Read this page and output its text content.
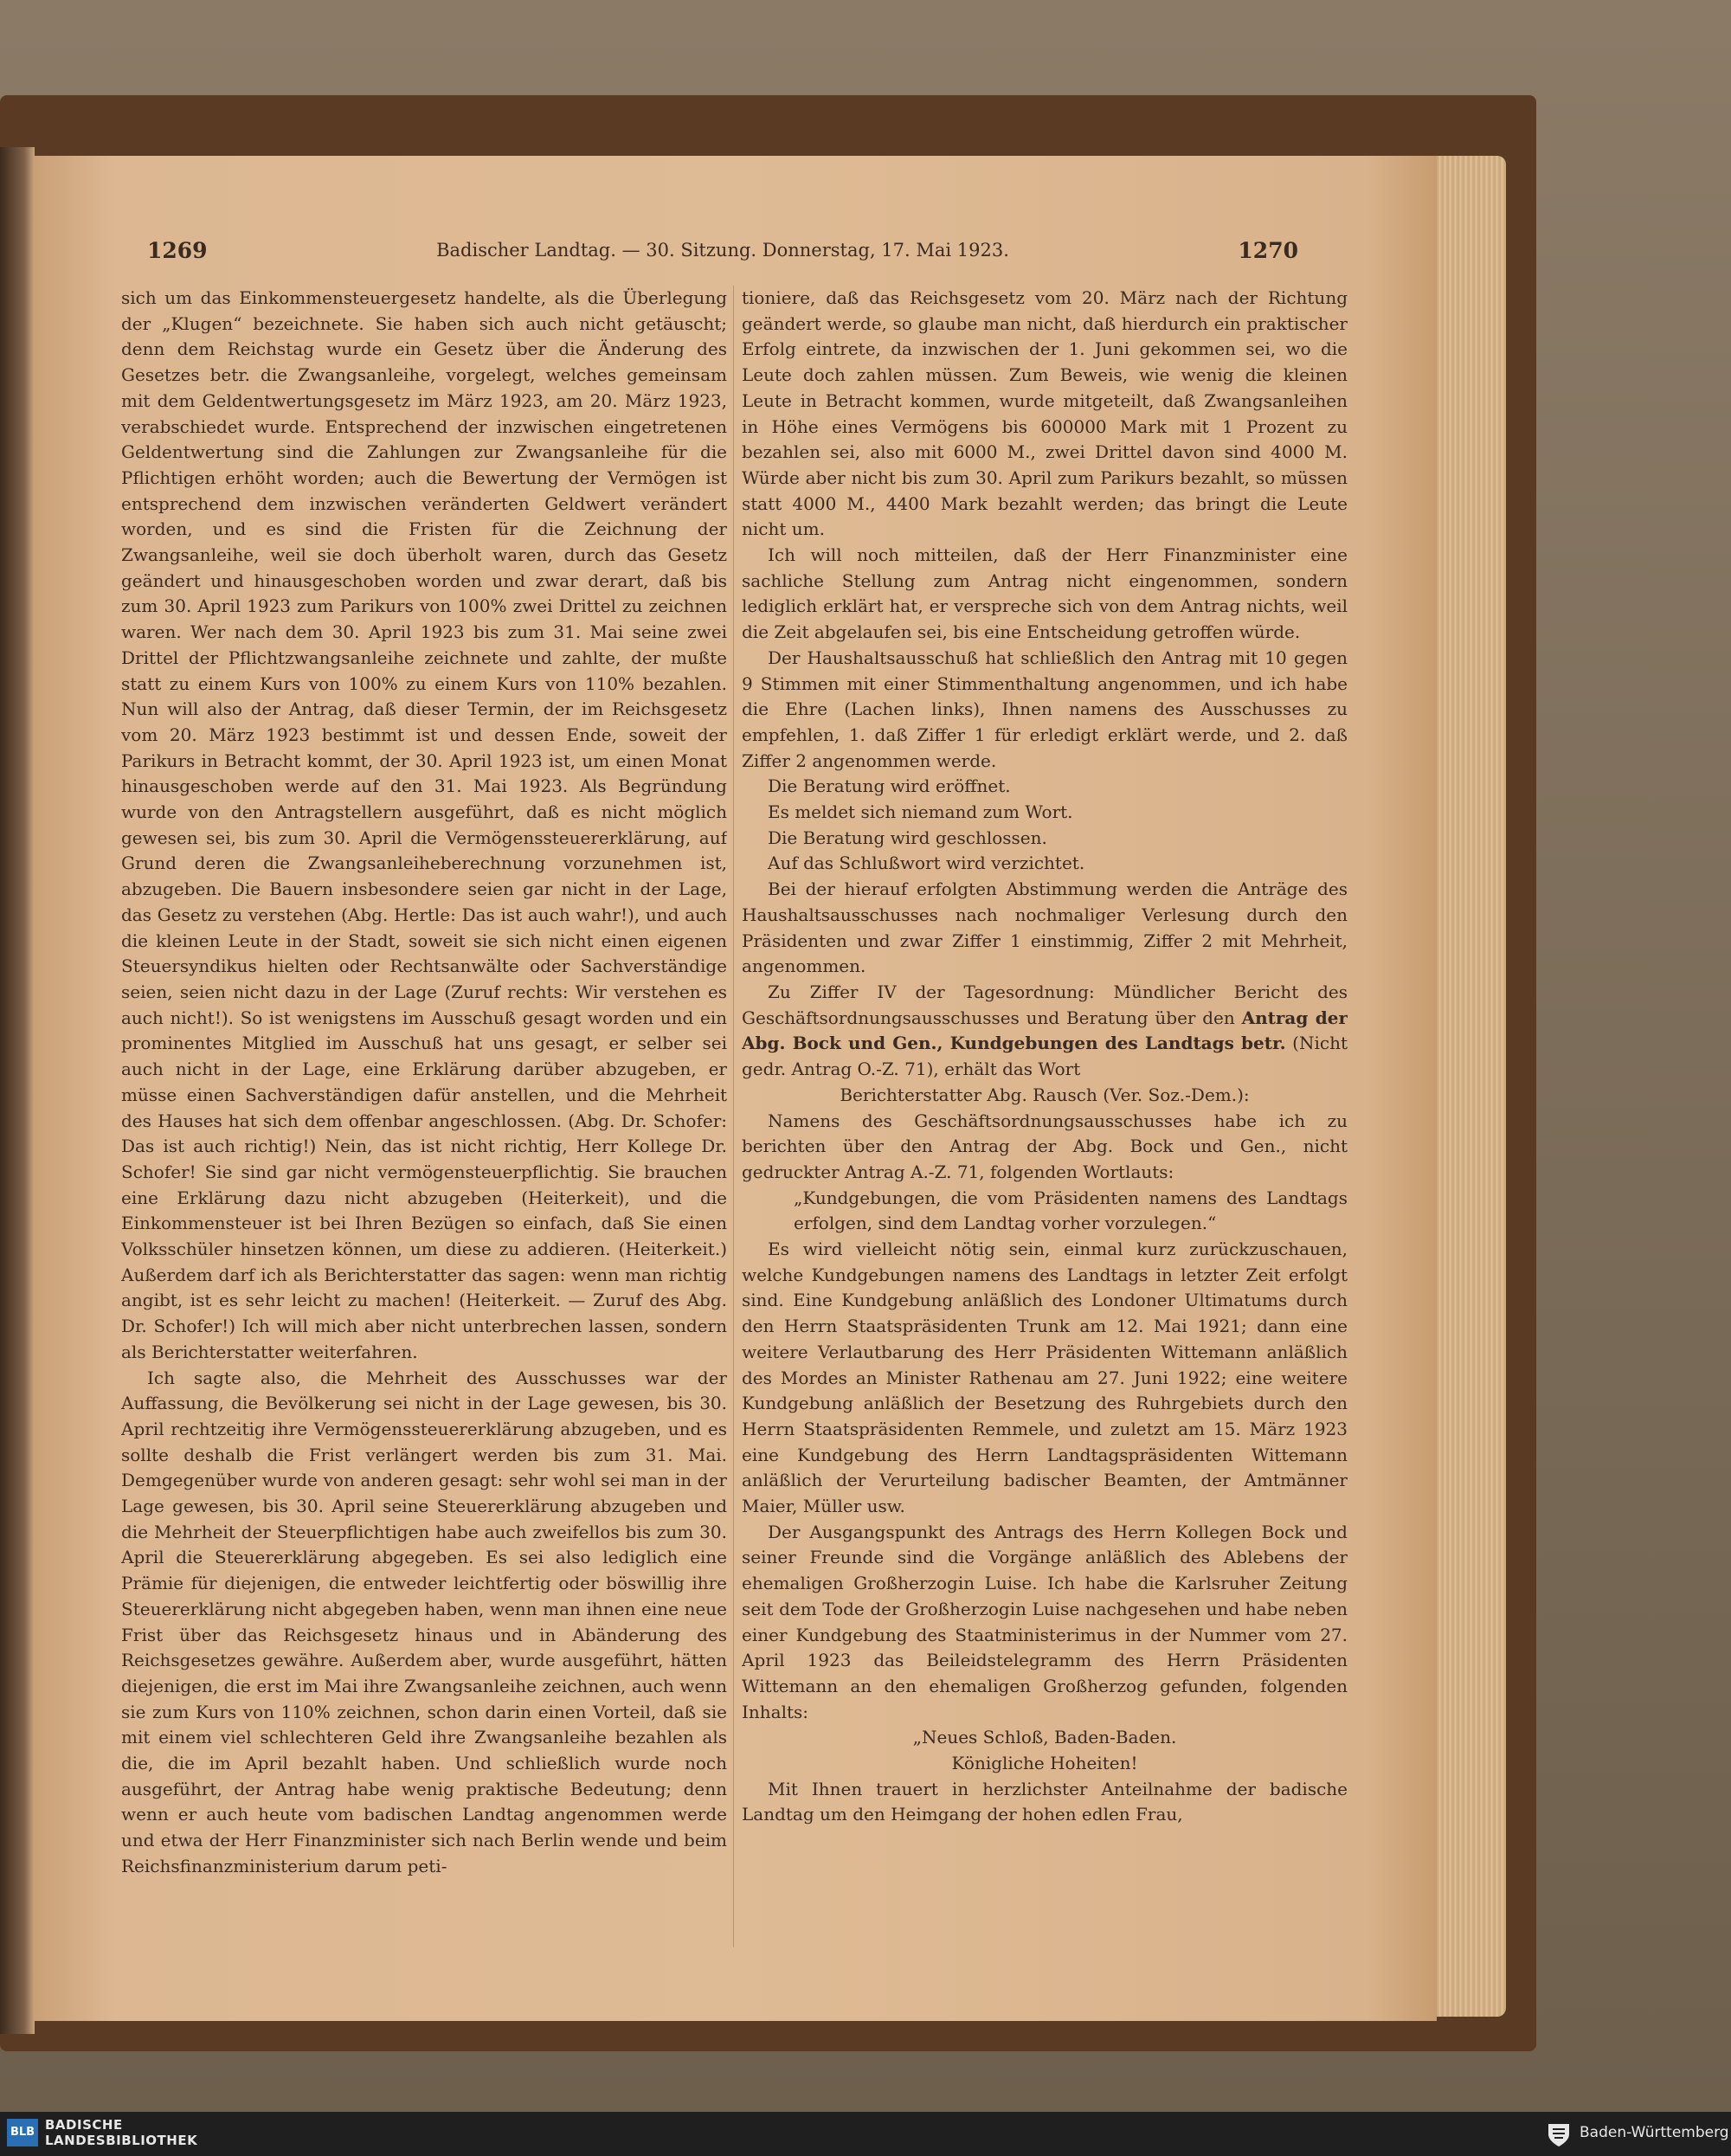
1269	Badischer Landtag. — 30. Sitzung. Donnerstag, 17. Mai 1923.	1270

sich um das Einkommensteuergesetz handelte, als die Überlegung der „Klugen“ bezeichnete. Sie haben sich auch nicht getäuscht; denn dem Reichstag wurde ein Gesetz über die Änderung des Gesetzes betr. die Zwangsanleihe, vorgelegt, welches gemeinsam mit dem Geldentwertungsgesetz im März 1923, am 20. März 1923, verabschiedet wurde. Entsprechend der inzwischen eingetretenen Geldentwertung sind die Zahlungen zur Zwangsanleihe für die Pflichtigen erhöht worden; auch die Bewertung der Vermögen ist entsprechend dem inzwischen veränderten Geldwert verändert worden, und es sind die Fristen für die Zeichnung der Zwangsanleihe, weil sie doch überholt waren, durch das Gesetz geändert und hinausgeschoben worden und zwar derart, daß bis zum 30. April 1923 zum Parikurs von 100% zwei Drittel zu zeichnen waren. Wer nach dem 30. April 1923 bis zum 31. Mai seine zwei Drittel der Pflichtzwangsanleihe zeichnete und zahlte, der mußte statt zu einem Kurs von 100% zu einem Kurs von 110% bezahlen. Nun will also der Antrag, daß dieser Termin, der im Reichsgesetz vom 20. März 1923 bestimmt ist und dessen Ende, soweit der Parikurs in Betracht kommt, der 30. April 1923 ist, um einen Monat hinausgeschoben werde auf den 31. Mai 1923. Als Begründung wurde von den Antragstellern ausgeführt, daß es nicht möglich gewesen sei, bis zum 30. April die Vermögenssteuererklärung, auf Grund deren die Zwangsanleiheberechnung vorzunehmen ist, abzugeben. Die Bauern insbesondere seien gar nicht in der Lage, das Gesetz zu verstehen (Abg. Hertle: Das ist auch wahr!), und auch die kleinen Leute in der Stadt, soweit sie sich nicht einen eigenen Steuersyndikus hielten oder Rechtsanwälte oder Sachverständige seien, seien nicht dazu in der Lage (Zuruf rechts: Wir verstehen es auch nicht!). So ist wenigstens im Ausschuß gesagt worden und ein prominentes Mitglied im Ausschuß hat uns gesagt, er selber sei auch nicht in der Lage, eine Erklärung darüber abzugeben, er müsse einen Sachverständigen dafür anstellen, und die Mehrheit des Hauses hat sich dem offenbar angeschlossen. (Abg. Dr. Schofer: Das ist auch richtig!) Nein, das ist nicht richtig, Herr Kollege Dr. Schofer! Sie sind gar nicht vermögensteuerpflichtig. Sie brauchen eine Erklärung dazu nicht abzugeben (Heiterkeit), und die Einkommensteuer ist bei Ihren Bezügen so einfach, daß Sie einen Volksschüler hinsetzen können, um diese zu addieren. (Heiterkeit.) Außerdem darf ich als Berichterstatter das sagen: wenn man richtig angibt, ist es sehr leicht zu machen! (Heiterkeit. — Zuruf des Abg. Dr. Schofer!) Ich will mich aber nicht unterbrechen lassen, sondern als Berichterstatter weiterfahren.

Ich sagte also, die Mehrheit des Ausschusses war der Auffassung, die Bevölkerung sei nicht in der Lage gewesen, bis 30. April rechtzeitig ihre Vermögenssteuererklärung abzugeben, und es sollte deshalb die Frist verlängert werden bis zum 31. Mai. Demgegenüber wurde von anderen gesagt: sehr wohl sei man in der Lage gewesen, bis 30. April seine Steuererklärung abzugeben und die Mehrheit der Steuerpflichtigen habe auch zweifellos bis zum 30. April die Steuererklärung abgegeben. Es sei also lediglich eine Prämie für diejenigen, die entweder leichtfertig oder böswillig ihre Steuererklärung nicht abgegeben haben, wenn man ihnen eine neue Frist über das Reichsgesetz hinaus und in Abänderung des Reichsgesetzes gewähre. Außerdem aber, wurde ausgeführt, hätten diejenigen, die erst im Mai ihre Zwangsanleihe zeichnen, auch wenn sie zum Kurs von 110% zeichnen, schon darin einen Vorteil, daß sie mit einem viel schlechteren Geld ihre Zwangsanleihe bezahlen als die, die im April bezahlt haben. Und schließlich wurde noch ausgeführt, der Antrag habe wenig praktische Bedeutung; denn wenn er auch heute vom badischen Landtag angenommen werde und etwa der Herr Finanzminister sich nach Berlin wende und beim Reichsfinanzministerium darum peti-

tioniere, daß das Reichsgesetz vom 20. März nach der Richtung geändert werde, so glaube man nicht, daß hierdurch ein praktischer Erfolg eintrete, da inzwischen der 1. Juni gekommen sei, wo die Leute doch zahlen müssen. Zum Beweis, wie wenig die kleinen Leute in Betracht kommen, wurde mitgeteilt, daß Zwangsanleihen in Höhe eines Vermögens bis 600000 Mark mit 1 Prozent zu bezahlen sei, also mit 6000 M., zwei Drittel davon sind 4000 M. Würde aber nicht bis zum 30. April zum Parikurs bezahlt, so müssen statt 4000 M., 4400 Mark bezahlt werden; das bringt die Leute nicht um.

Ich will noch mitteilen, daß der Herr Finanzminister eine sachliche Stellung zum Antrag nicht eingenommen, sondern lediglich erklärt hat, er verspreche sich von dem Antrag nichts, weil die Zeit abgelaufen sei, bis eine Entscheidung getroffen würde.

Der Haushaltsausschuß hat schließlich den Antrag mit 10 gegen 9 Stimmen mit einer Stimmenthaltung angenommen, und ich habe die Ehre (Lachen links), Ihnen namens des Ausschusses zu empfehlen, 1. daß Ziffer 1 für erledigt erklärt werde, und 2. daß Ziffer 2 angenommen werde.

Die Beratung wird eröffnet.

Es meldet sich niemand zum Wort.

Die Beratung wird geschlossen.

Auf das Schlußwort wird verzichtet.

Bei der hierauf erfolgten Abstimmung werden die Anträge des Haushaltsausschusses nach nochmaliger Verlesung durch den Präsidenten und zwar Ziffer 1 einstimmig, Ziffer 2 mit Mehrheit, angenommen.

Zu Ziffer IV der Tagesordnung: Mündlicher Bericht des Geschäftsordnungsausschusses und Beratung über den Antrag der Abg. Bock und Gen., Kundgebungen des Landtags betr. (Nicht gedr. Antrag O.-Z. 71), erhält das Wort

Berichterstatter Abg. Rausch (Ver. Soz.-Dem.):

Namens des Geschäftsordnungsausschusses habe ich zu berichten über den Antrag der Abg. Bock und Gen., nicht gedruckter Antrag A.-Z. 71, folgenden Wortlauts:

„Kundgebungen, die vom Präsidenten namens des Landtags erfolgen, sind dem Landtag vorher vorzulegen.“

Es wird vielleicht nötig sein, einmal kurz zurückzuschauen, welche Kundgebungen namens des Landtags in letzter Zeit erfolgt sind. Eine Kundgebung anläßlich des Londoner Ultimatums durch den Herrn Staatspräsidenten Trunk am 12. Mai 1921; dann eine weitere Verlautbarung des Herr Präsidenten Wittemann anläßlich des Mordes an Minister Rathenau am 27. Juni 1922; eine weitere Kundgebung anläßlich der Besetzung des Ruhrgebiets durch den Herrn Staatspräsidenten Remmele, und zuletzt am 15. März 1923 eine Kundgebung des Herrn Landtagspräsidenten Wittemann anläßlich der Verurteilung badischer Beamten, der Amtmänner Maier, Müller usw.

Der Ausgangspunkt des Antrags des Herrn Kollegen Bock und seiner Freunde sind die Vorgänge anläßlich des Ablebens der ehemaligen Großherzogin Luise. Ich habe die Karlsruher Zeitung seit dem Tode der Großherzogin Luise nachgesehen und habe neben einer Kundgebung des Staatministerimus in der Nummer vom 27. April 1923 das Beileidstelegramm des Herrn Präsidenten Wittemann an den ehemaligen Großherzog gefunden, folgenden Inhalts:

„Neues Schloß, Baden-Baden.

Königliche Hoheiten!

Mit Ihnen trauert in herzlichster Anteilnahme der badische Landtag um den Heimgang der hohen edlen Frau,

BLB BADISCHE
LANDESBIBLIOTHEK	Baden-Württemberg
